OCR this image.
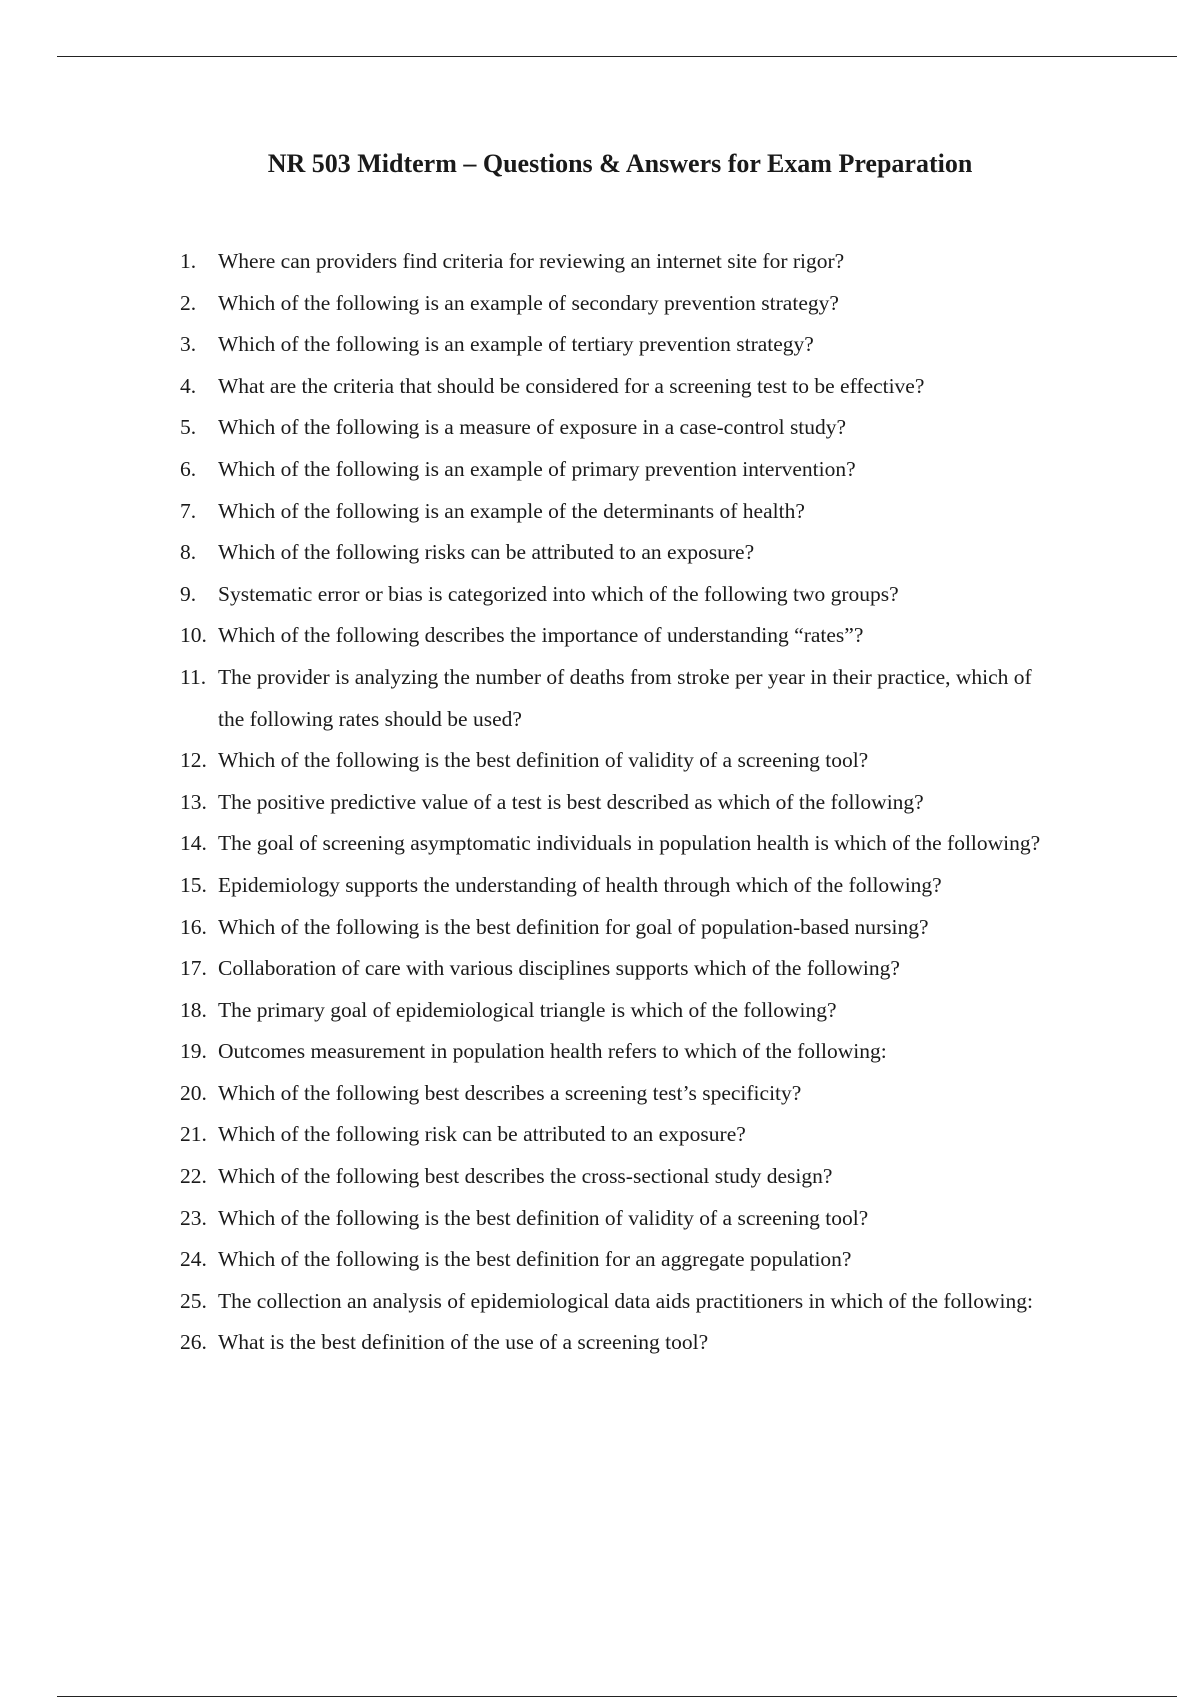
NR 503 Midterm – Questions & Answers for Exam Preparation
1. Where can providers find criteria for reviewing an internet site for rigor?
2. Which of the following is an example of secondary prevention strategy?
3. Which of the following is an example of tertiary prevention strategy?
4. What are the criteria that should be considered for a screening test to be effective?
5. Which of the following is a measure of exposure in a case-control study?
6. Which of the following is an example of primary prevention intervention?
7. Which of the following is an example of the determinants of health?
8. Which of the following risks can be attributed to an exposure?
9. Systematic error or bias is categorized into which of the following two groups?
10. Which of the following describes the importance of understanding “rates”?
11. The provider is analyzing the number of deaths from stroke per year in their practice, which of the following rates should be used?
12. Which of the following is the best definition of validity of a screening tool?
13. The positive predictive value of a test is best described as which of the following?
14. The goal of screening asymptomatic individuals in population health is which of the following?
15. Epidemiology supports the understanding of health through which of the following?
16. Which of the following is the best definition for goal of population-based nursing?
17. Collaboration of care with various disciplines supports which of the following?
18. The primary goal of epidemiological triangle is which of the following?
19. Outcomes measurement in population health refers to which of the following:
20. Which of the following best describes a screening test’s specificity?
21. Which of the following risk can be attributed to an exposure?
22. Which of the following best describes the cross-sectional study design?
23. Which of the following is the best definition of validity of a screening tool?
24. Which of the following is the best definition for an aggregate population?
25. The collection an analysis of epidemiological data aids practitioners in which of the following:
26. What is the best definition of the use of a screening tool?
